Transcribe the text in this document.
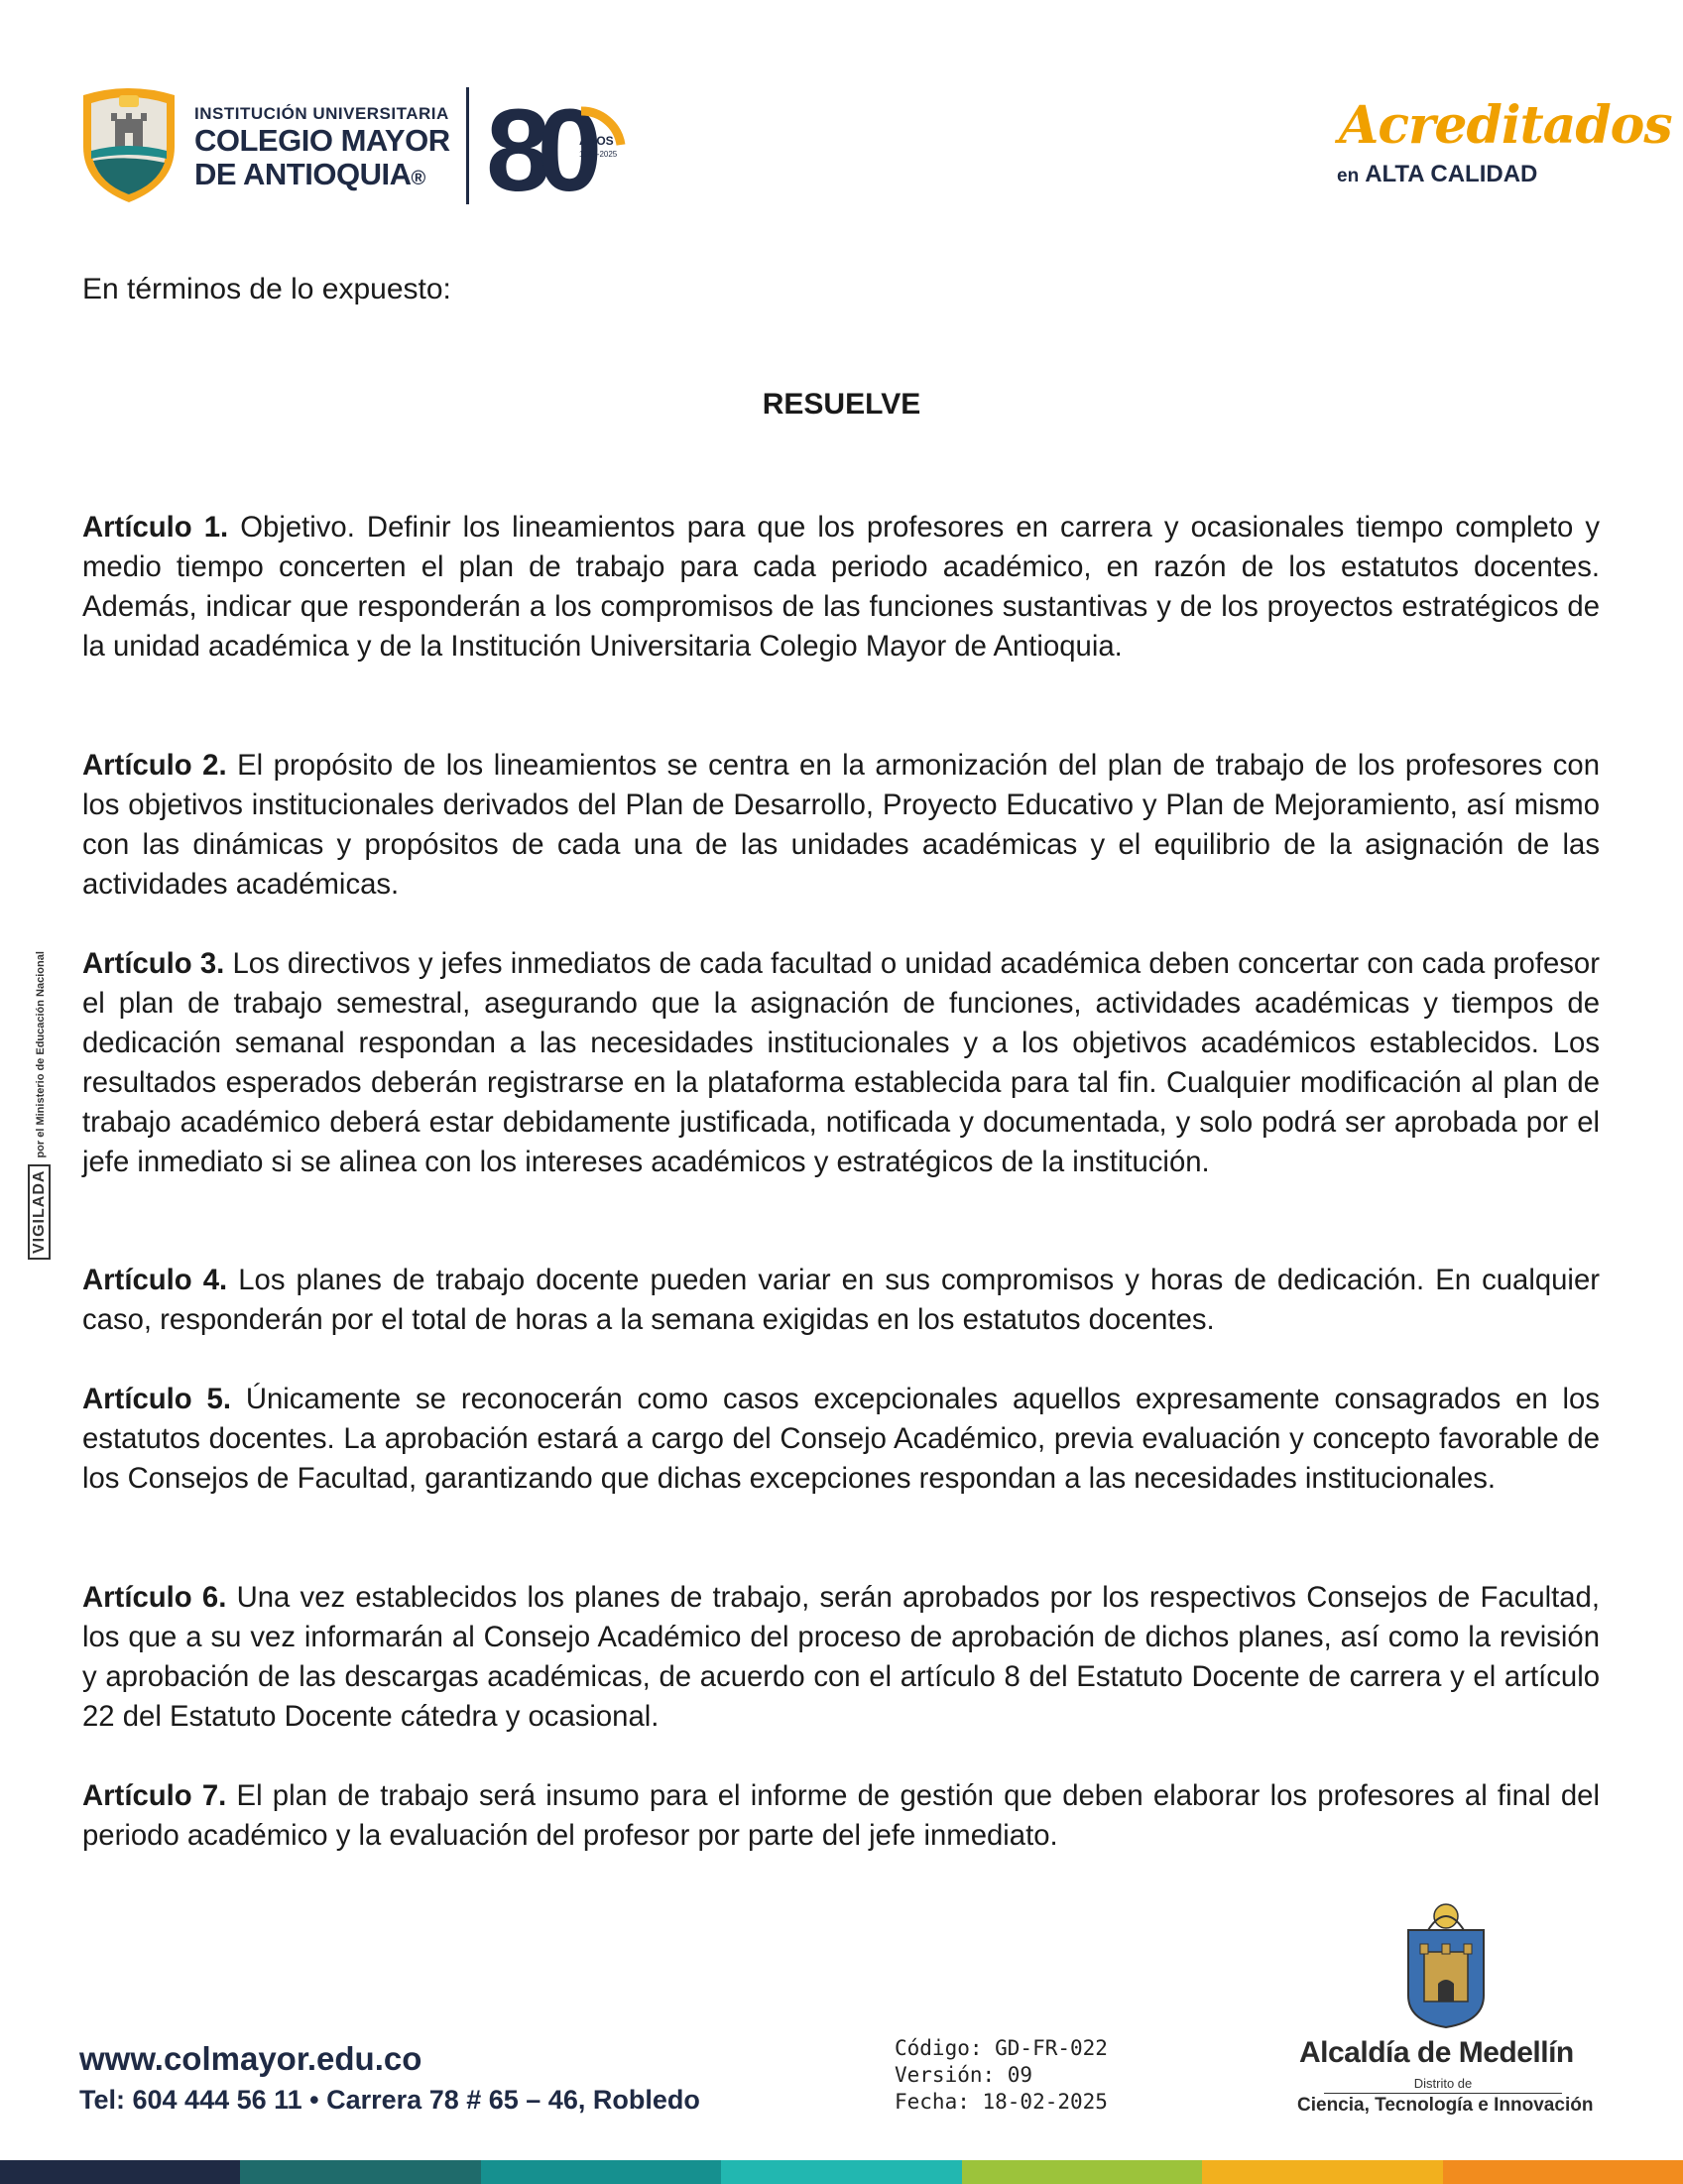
INSTITUCIÓN UNIVERSITARIA
COLEGIO MAYOR
DE ANTIOQUIA® 80
AÑOS
1945-2025	Acreditados
en ALTA CALIDAD
En términos de lo expuesto:
RESUELVE

Artículo 1. Objetivo. Definir los lineamientos para que los profesores en carrera y ocasionales tiempo completo y medio tiempo concerten el plan de trabajo para cada periodo académico, en razón de los estatutos docentes. Además, indicar que responderán a los compromisos de las funciones sustantivas y de los proyectos estratégicos de la unidad académica y de la Institución Universitaria Colegio Mayor de Antioquia.

Artículo 2. El propósito de los lineamientos se centra en la armonización del plan de trabajo de los profesores con los objetivos institucionales derivados del Plan de Desarrollo, Proyecto Educativo y Plan de Mejoramiento, así mismo con las dinámicas y propósitos de cada una de las unidades académicas y el equilibrio de la asignación de las actividades académicas.

Artículo 3. Los directivos y jefes inmediatos de cada facultad o unidad académica deben concertar con cada profesor el plan de trabajo semestral, asegurando que la asignación de funciones, actividades académicas y tiempos de dedicación semanal respondan a las necesidades institucionales y a los objetivos académicos establecidos. Los resultados esperados deberán registrarse en la plataforma establecida para tal fin. Cualquier modificación al plan de trabajo académico deberá estar debidamente justificada, notificada y documentada, y solo podrá ser aprobada por el jefe inmediato si se alinea con los intereses académicos y estratégicos de la institución.

Artículo 4. Los planes de trabajo docente pueden variar en sus compromisos y horas de dedicación. En cualquier caso, responderán por el total de horas a la semana exigidas en los estatutos docentes.

Artículo 5. Únicamente se reconocerán como casos excepcionales aquellos expresamente consagrados en los estatutos docentes. La aprobación estará a cargo del Consejo Académico, previa evaluación y concepto favorable de los Consejos de Facultad, garantizando que dichas excepciones respondan a las necesidades institucionales.

Artículo 6. Una vez establecidos los planes de trabajo, serán aprobados por los respectivos Consejos de Facultad, los que a su vez informarán al Consejo Académico del proceso de aprobación de dichos planes, así como la revisión y aprobación de las descargas académicas, de acuerdo con el artículo 8 del Estatuto Docente de carrera y el artículo 22 del Estatuto Docente cátedra y ocasional.

Artículo 7. El plan de trabajo será insumo para el informe de gestión que deben elaborar los profesores al final del periodo académico y la evaluación del profesor por parte del jefe inmediato.

VIGILADApor el Ministerio de Educación Nacional
www.colmayor.edu.co
Tel: 604 444 56 11 • Carrera 78 # 65 – 46, Robledo
Código: GD-FR-022
Versión: 09
Fecha: 18-02-2025
Alcaldía de Medellín
Distrito de
Ciencia, Tecnología e Innovación
